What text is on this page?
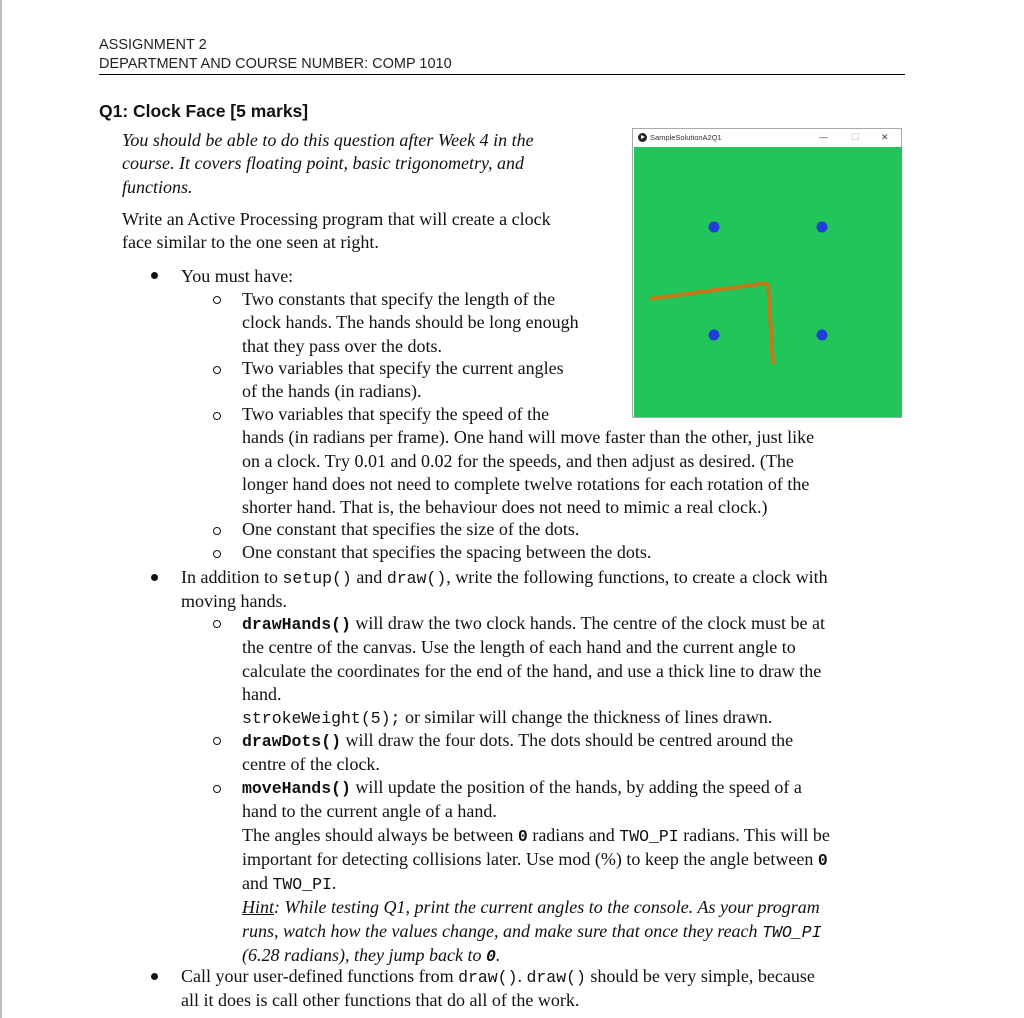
ASSIGNMENT 2
DEPARTMENT AND COURSE NUMBER: COMP 1010
Q1: Clock Face [5 marks]
You should be able to do this question after Week 4 in the
course. It covers floating point, basic trigonometry, and
functions.
Write an Active Processing program that will create a clock
face similar to the one seen at right.
You must have:
Two constants that specify the length of the
clock hands. The hands should be long enough
that they pass over the dots.
Two variables that specify the current angles
of the hands (in radians).
Two variables that specify the speed of the
hands (in radians per frame). One hand will move faster than the other, just like
on a clock. Try 0.01 and 0.02 for the speeds, and then adjust as desired. (The
longer hand does not need to complete twelve rotations for each rotation of the
shorter hand. That is, the behaviour does not need to mimic a real clock.)
One constant that specifies the size of the dots.
One constant that specifies the spacing between the dots.
In addition to setup() and draw(), write the following functions, to create a clock with
moving hands.
drawHands() will draw the two clock hands. The centre of the clock must be at
the centre of the canvas. Use the length of each hand and the current angle to
calculate the coordinates for the end of the hand, and use a thick line to draw the
hand.
strokeWeight(5); or similar will change the thickness of lines drawn.
drawDots() will draw the four dots. The dots should be centred around the
centre of the clock.
moveHands() will update the position of the hands, by adding the speed of a
hand to the current angle of a hand.
The angles should always be between 0 radians and TWO_PI radians. This will be
important for detecting collisions later. Use mod (%) to keep the angle between 0
and TWO_PI.
Hint: While testing Q1, print the current angles to the console. As your program
runs, watch how the values change, and make sure that once they reach TWO_PI
(6.28 radians), they jump back to 0.
Call your user-defined functions from draw(). draw() should be very simple, because
all it does is call other functions that do all of the work.
SampleSolutionA2Q1	—	☐ ✕
